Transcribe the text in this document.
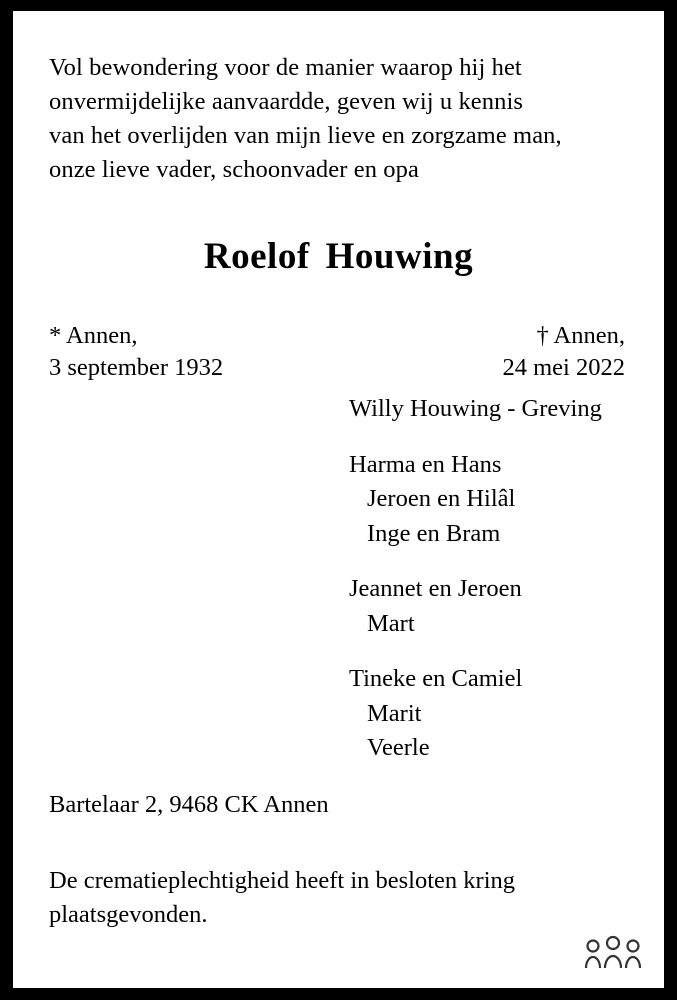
Vol bewondering voor de manier waarop hij het
onvermijdelijke aanvaardde, geven wij u kennis
van het overlijden van mijn lieve en zorgzame man,
onze lieve vader, schoonvader en opa
Roelof Houwing
* Annen,
3 september 1932
† Annen,
24 mei 2022
Willy Houwing - Greving
Harma en Hans
Jeroen en Hilâl
Inge en Bram
Jeannet en Jeroen
Mart
Tineke en Camiel
Marit
Veerle
Bartelaar 2, 9468 CK Annen
De crematieplechtigheid heeft in besloten kring
plaatsgevonden.
